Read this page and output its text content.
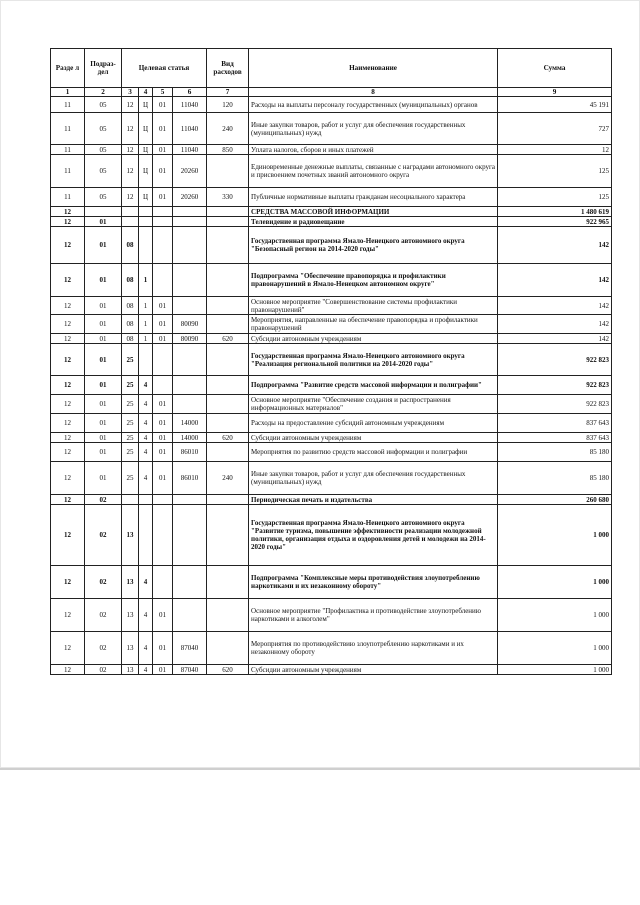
Разде л	Подраз- дел	Целевая статья				Вид расходов	Наименование	Сумма
1	2	3	4	5	6	7	8	9
11	05	12	Ц	01	11040	120	Расходы на выплаты персоналу государственных (муниципальных) органов	45 191
11	05	12	Ц	01	11040	240	Иные закупки товаров, работ и услуг для обеспечения государственных (муниципальных) нужд	727
11	05	12	Ц	01	11040	850	Уплата налогов, сборов и иных платежей	12
11	05	12	Ц	01	20260		Единовременные денежные выплаты, связанные с наградами автономного округа и присвоением почетных званий автономного округа	125
11	05	12	Ц	01	20260	330	Публичные нормативные выплаты гражданам несоциального характера	125
12							СРЕДСТВА МАССОВОЙ ИНФОРМАЦИИ	1 480 619
12	01						Телевидение и радиовещание	922 965
12	01	08					Государственная программа Ямало-Ненецкого автономного округа "Безопасный регион на 2014-2020 годы"	142
12	01	08	1				Подпрограмма "Обеспечение правопорядка и профилактики правонарушений в Ямало-Ненецком автономном округе"	142
12	01	08	1	01			Основное мероприятие "Совершенствование системы профилактики правонарушений"	142
12	01	08	1	01	80090		Мероприятия, направленные на обеспечение правопорядка и профилактики правонарушений	142
12	01	08	1	01	80090	620	Субсидии автономным учреждениям	142
12	01	25					Государственная программа Ямало-Ненецкого автономного округа "Реализация региональной политики на 2014-2020 годы"	922 823
12	01	25	4				Подпрограмма "Развитие средств массовой информации и полиграфии"	922 823
12	01	25	4	01			Основное мероприятие "Обеспечение создания и распространения информационных материалов"	922 823
12	01	25	4	01	14000		Расходы на предоставление субсидий автономным учреждениям	837 643
12	01	25	4	01	14000	620	Субсидии автономным учреждениям	837 643
12	01	25	4	01	86010		Мероприятия по развитию средств массовой информации и полиграфии	85 180
12	01	25	4	01	86010	240	Иные закупки товаров, работ и услуг для обеспечения государственных (муниципальных) нужд	85 180
12	02						Периодическая печать и издательства	260 680
12	02	13					Государственная программа Ямало-Ненецкого автономного округа "Развитие туризма, повышение эффективности реализации молодежной политики, организация отдыха и оздоровления детей и молодежи на 2014-2020 годы"	1 000
12	02	13	4				Подпрограмма "Комплексные меры противодействия злоупотреблению наркотиками и их незаконному обороту"	1 000
12	02	13	4	01			Основное мероприятие "Профилактика и противодействие злоупотреблению наркотиками и алкоголем"	1 000
12	02	13	4	01	87040		Мероприятия по противодействию злоупотреблению наркотиками и их незаконному обороту	1 000
12	02	13	4	01	87040	620	Субсидии автономным учреждениям	1 000
